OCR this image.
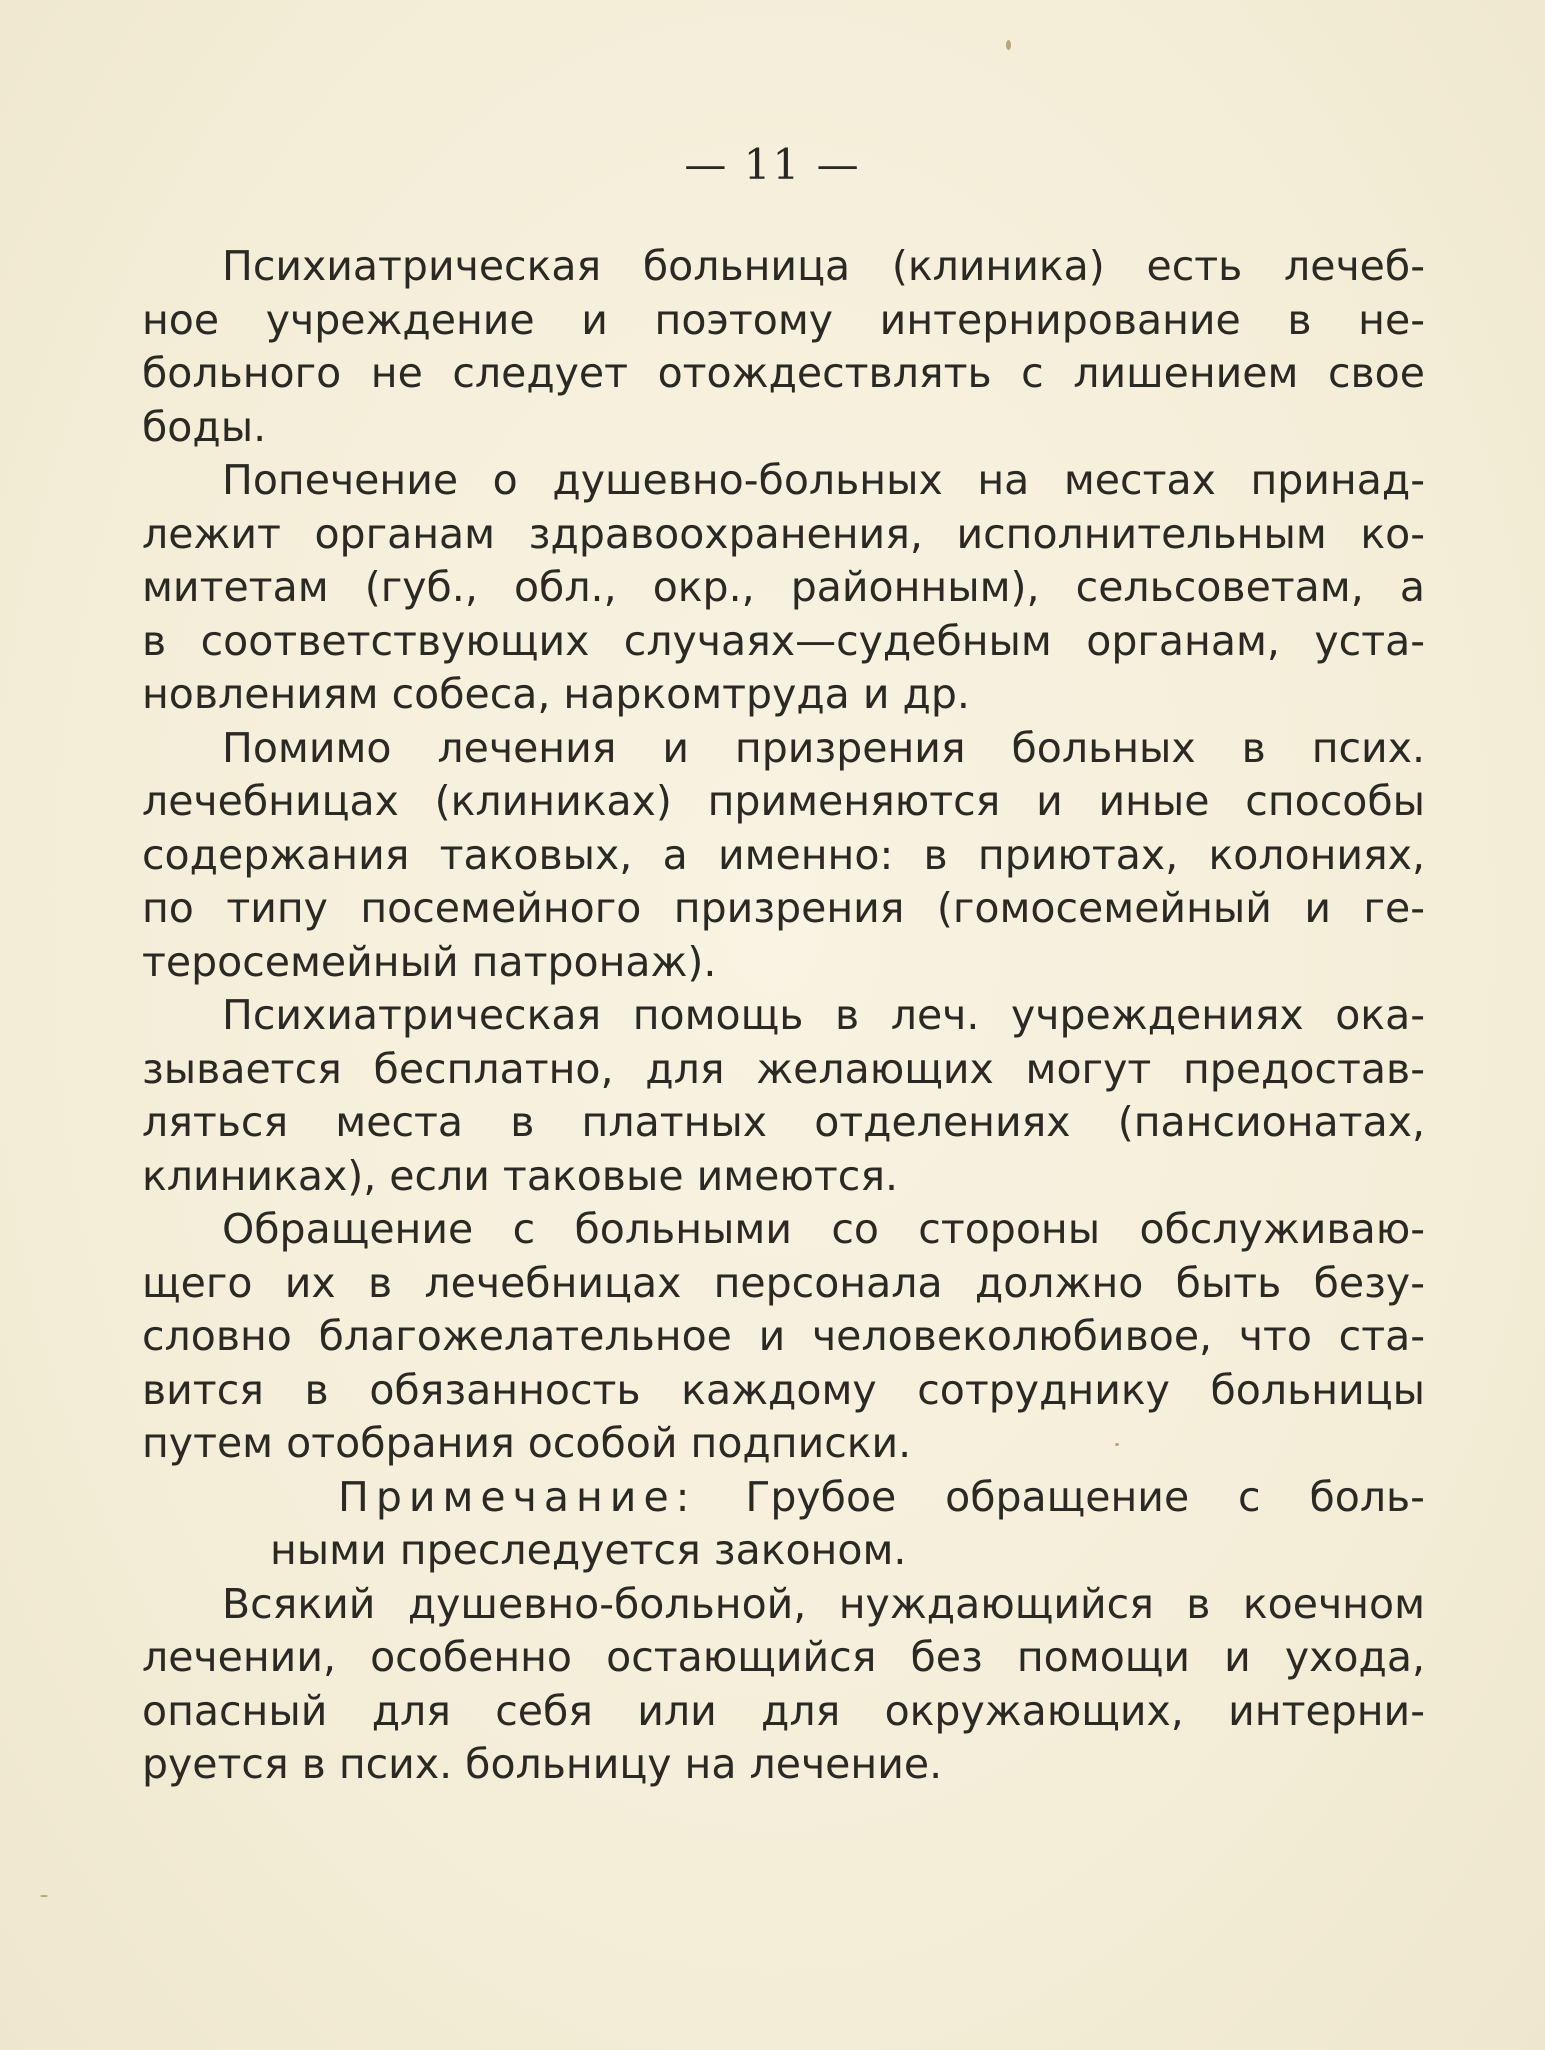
— 11 —
Психиатрическая больница (клиника) есть лечеб-
ное учреждение и поэтому интернирование в не-
больного не следует отождествлять с лишением свое
боды.
Попечение о душевно-больных на местах принад-
лежит органам здравоохранения, исполнительным ко-
митетам (губ., обл., окр., районным), сельсоветам, а
в соответствующих случаях—судебным органам, уста-
новлениям собеса, наркомтруда и др.
Помимо лечения и призрения больных в псих.
лечебницах (клиниках) применяются и иные способы
содержания таковых, а именно: в приютах, колониях,
по типу посемейного призрения (гомосемейный и ге-
теросемейный патронаж).
Психиатрическая помощь в леч. учреждениях ока-
зывается бесплатно, для желающих могут предостав-
ляться места в платных отделениях (пансионатах,
клиниках), если таковые имеются.
Обращение с больными со стороны обслуживаю-
щего их в лечебницах персонала должно быть безу-
словно благожелательное и человеколюбивое, что ста-
вится в обязанность каждому сотруднику больницы
путем отобрания особой подписки.
Примечание: Грубое обращение с боль-
ными преследуется законом.
Всякий душевно-больной, нуждающийся в коечном
лечении, особенно остающийся без помощи и ухода,
опасный для себя или для окружающих, интерни-
руется в псих. больницу на лечение.
